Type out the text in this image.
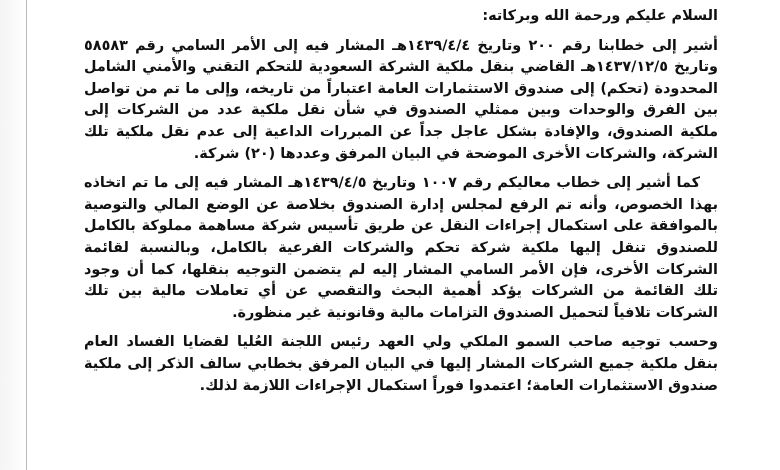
السلام عليكم ورحمة الله وبركاته:

أشير إلى خطابنا رقم ٢٠٠ وتاريخ ١٤٣٩/٤/٤هـ المشار فيه إلى الأمر السامي رقم ٥٨٥٨٣ وتاريخ ١٤٣٧/١٢/٥هـ القاضي بنقل ملكية الشركة السعودية للتحكم التقني والأمني الشامل المحدودة (تحكم) إلى صندوق الاستثمارات العامة اعتباراً من تاريخه، وإلى ما تم من تواصل بين الفرق والوحدات وبين ممثلي الصندوق في شأن نقل ملكية عدد من الشركات إلى ملكية الصندوق، والإفادة بشكل عاجل جداً عن المبررات الداعية إلى عدم نقل ملكية تلك الشركة، والشركات الأخرى الموضحة في البيان المرفق وعددها (٢٠) شركة.

كما أشير إلى خطاب معاليكم رقم ١٠٠٧ وتاريخ ١٤٣٩/٤/٥هـ المشار فيه إلى ما تم اتخاذه بهذا الخصوص، وأنه تم الرفع لمجلس إدارة الصندوق بخلاصة عن الوضع المالي والتوصية بالموافقة على استكمال إجراءات النقل عن طريق تأسيس شركة مساهمة مملوكة بالكامل للصندوق تنقل إليها ملكية شركة تحكم والشركات الفرعية بالكامل، وبالنسبة لقائمة الشركات الأخرى، فإن الأمر السامي المشار إليه لم يتضمن التوجيه بنقلها، كما أن وجود تلك القائمة من الشركات يؤكد أهمية البحث والتقصي عن أي تعاملات مالية بين تلك الشركات تلافياً لتحميل الصندوق التزامات مالية وقانونية غير منظورة.

وحسب توجيه صاحب السمو الملكي ولي العهد رئيس اللجنة العُليا لقضايا الفساد العام بنقل ملكية جميع الشركات المشار إليها في البيان المرفق بخطابي سالف الذكر إلى ملكية صندوق الاستثمارات العامة؛ اعتمدوا فوراً استكمال الإجراءات اللازمة لذلك.
